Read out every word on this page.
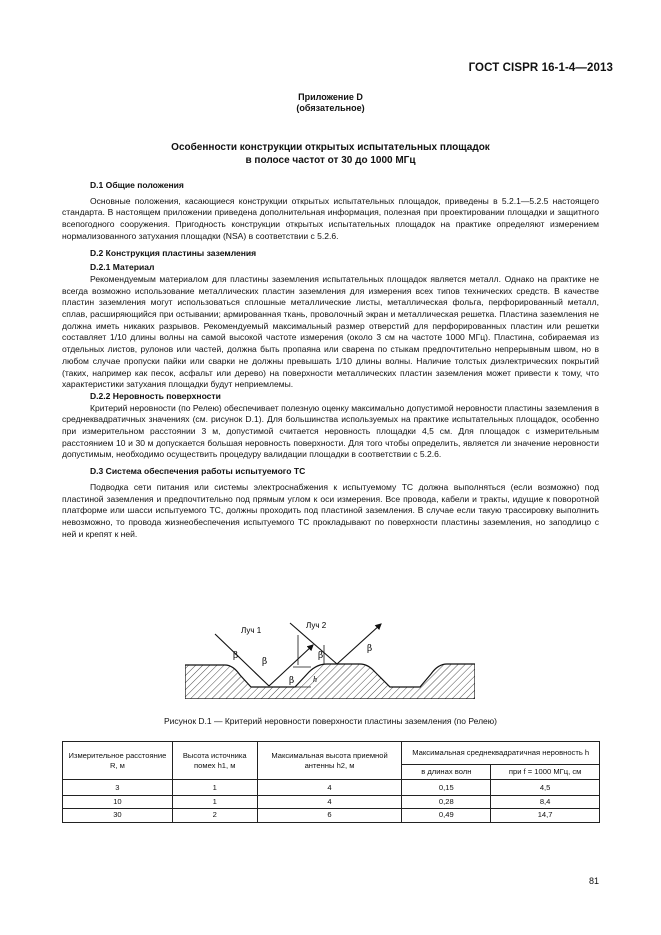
ГОСТ CISPR 16-1-4—2013
Приложение D
(обязательное)
Особенности конструкции открытых испытательных площадок
в полосе частот от 30 до 1000 МГц

D.1 Общие положения

Основные положения, касающиеся конструкции открытых испытательных площадок, приведены в 5.2.1—5.2.5 настоящего стандарта. В настоящем приложении приведена дополнительная информация, полезная при проектировании площадки и защитного всепогодного сооружения. Пригодность конструкции открытых испытательных площадок на практике определяют измерением нормализованного затухания площадки (NSA) в соответствии с 5.2.6.

D.2 Конструкция пластины заземления

D.2.1 Материал

Рекомендуемым материалом для пластины заземления испытательных площадок является металл. Однако на практике не всегда возможно использование металлических пластин заземления для измерения всех типов технических средств. В качестве пластин заземления могут использоваться сплошные металлические листы, металлическая фольга, перфорированный металл, сплав, расширяющийся при остывании; армированная ткань, проволочный экран и металлическая решетка. Пластина заземления не должна иметь никаких разрывов. Рекомендуемый максимальный размер отверстий для перфорированных пластин или решетки составляет 1/10 длины волны на самой высокой частоте измерения (около 3 см на частоте 1000 МГц). Пластина, собираемая из отдельных листов, рулонов или частей, должна быть пропаяна или сварена по стыкам предпочтительно непрерывным швом, но в любом случае пропуски пайки или сварки не должны превышать 1/10 длины волны. Наличие толстых диэлектрических покрытий (таких, например как песок, асфальт или дерево) на поверхности металлических пластин заземления может привести к тому, что характеристики затухания площадки будут неприемлемы.

D.2.2 Неровность поверхности

Критерий неровности (по Релею) обеспечивает полезную оценку максимально допустимой неровности пластины заземления в среднеквадратичных значениях (см. рисунок D.1). Для большинства используемых на практике испытательных площадок, особенно при измерительном расстоянии 3 м, допустимой считается неровность площадки 4,5 см. Для площадок с измерительным расстоянием 10 и 30 м допускается большая неровность поверхности. Для того чтобы определить, является ли значение неровности допустимым, необходимо осуществить процедуру валидации площадки в соответствии с 5.2.6.

D.3 Система обеспечения работы испытуемого ТС

Подводка сети питания или системы электроснабжения к испытуемому ТС должна выполняться (если возможно) под пластиной заземления и предпочтительно под прямым углом к оси измерения. Все провода, кабели и тракты, идущие к поворотной платформе или шасси испытуемого ТС, должны проходить под пластиной заземления. В случае если такую трассировку выполнить невозможно, то провода жизнеобеспечения испытуемого ТС прокладывают по поверхности пластины заземления, но заподлицо с ней и крепят к ней.

Луч 1
Луч 2
β
β
β
β
β
h
Рисунок D.1 — Критерий неровности поверхности пластины заземления (по Релею)
Измерительное расстояние R, м	Высота источника помех h1, м	Максимальная высота приемной антенны h2, м	Максимальная среднеквадратичная неровность h	
			в длинах волн	при f = 1000 МГц, см
3	1	4	0,15	4,5
10	1	4	0,28	8,4
30	2	6	0,49	14,7
81
